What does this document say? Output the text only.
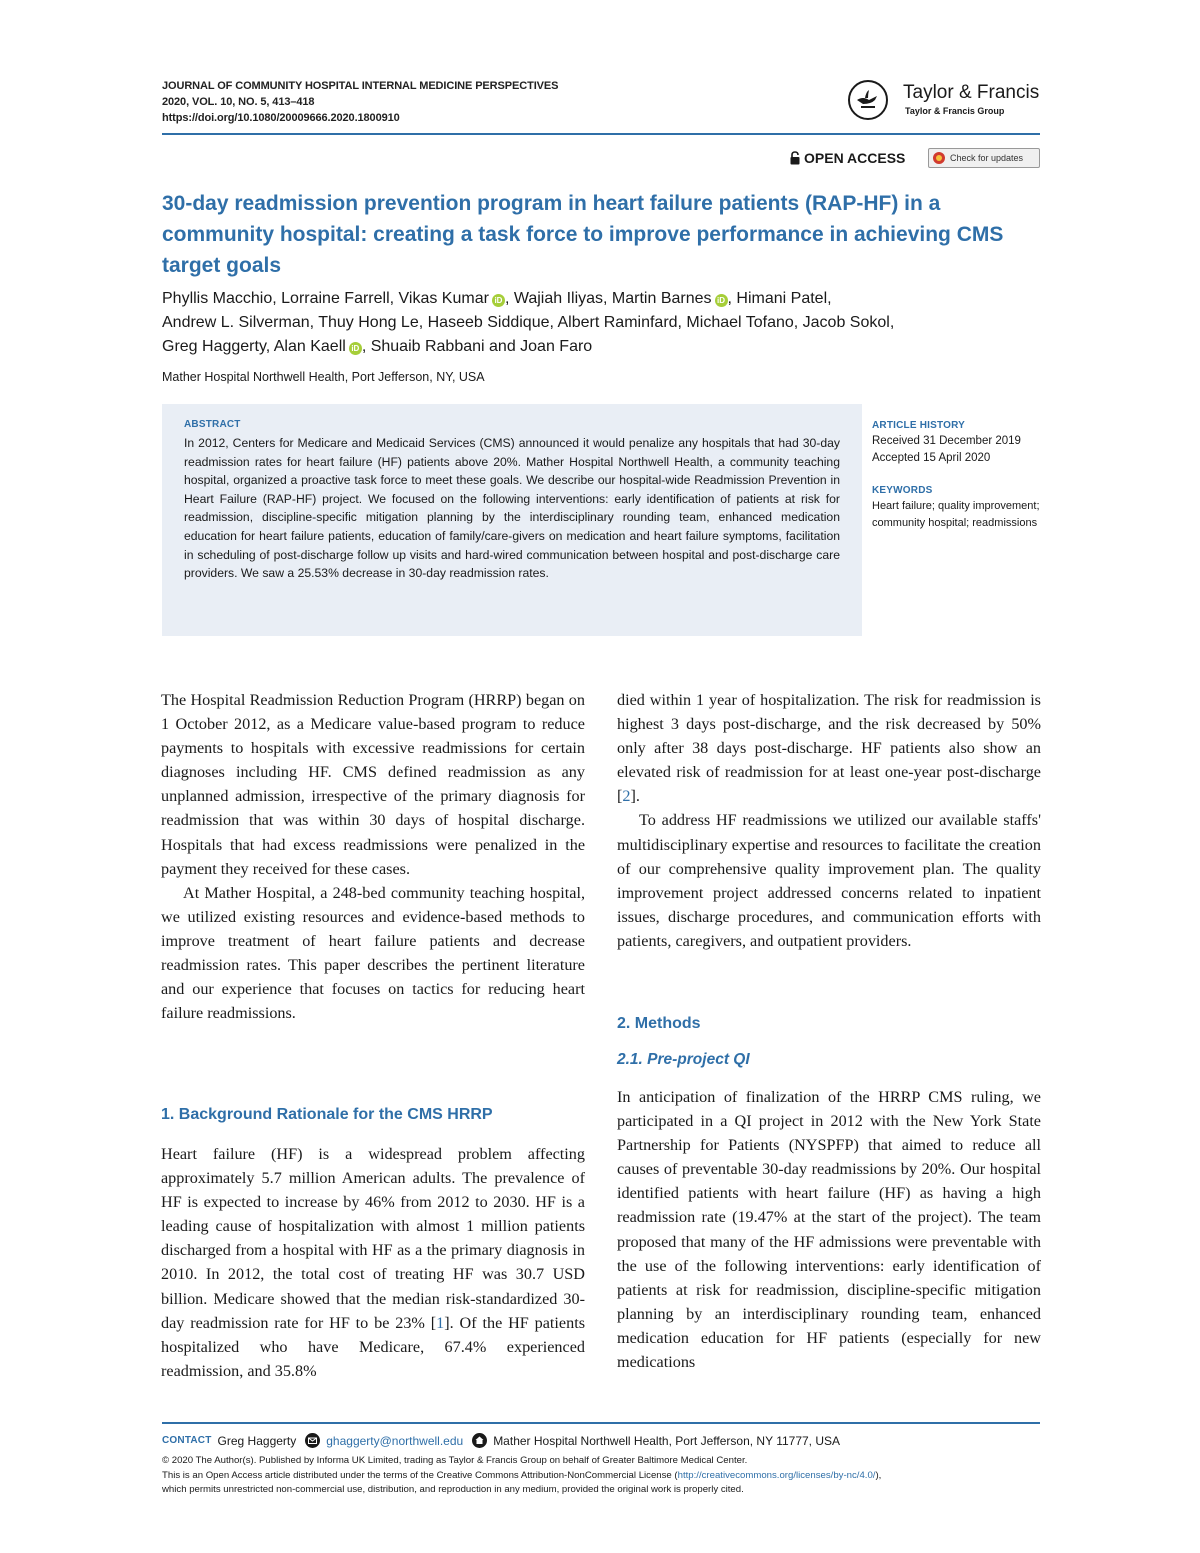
JOURNAL OF COMMUNITY HOSPITAL INTERNAL MEDICINE PERSPECTIVES
2020, VOL. 10, NO. 5, 413–418
https://doi.org/10.1080/20009666.2020.1800910
Taylor & Francis
Taylor & Francis Group
OPEN ACCESS	Check for updates
30-day readmission prevention program in heart failure patients (RAP-HF) in a community hospital: creating a task force to improve performance in achieving CMS target goals
Phyllis Macchio, Lorraine Farrell, Vikas Kumar iD , Wajiah Iliyas, Martin Barnes iD , Himani Patel,
Andrew L. Silverman, Thuy Hong Le, Haseeb Siddique, Albert Raminfard, Michael Tofano, Jacob Sokol,
Greg Haggerty, Alan Kaell iD , Shuaib Rabbani and Joan Faro
Mather Hospital Northwell Health, Port Jefferson, NY, USA
ABSTRACT
In 2012, Centers for Medicare and Medicaid Services (CMS) announced it would penalize any hospitals that had 30-day readmission rates for heart failure (HF) patients above 20%. Mather Hospital Northwell Health, a community teaching hospital, organized a proactive task force to meet these goals. We describe our hospital-wide Readmission Prevention in Heart Failure (RAP-HF) project. We focused on the following interventions: early identification of patients at risk for readmission, discipline-specific mitigation planning by the interdisciplinary rounding team, enhanced medication education for heart failure patients, education of family/care-givers on medication and heart failure symptoms, facilitation in scheduling of post-discharge follow up visits and hard-wired communication between hospital and post-discharge care providers. We saw a 25.53% decrease in 30-day readmission rates.
ARTICLE HISTORY
Received 31 December 2019
Accepted 15 April 2020
KEYWORDS
Heart failure; quality improvement; community hospital; readmissions

The Hospital Readmission Reduction Program (HRRP) began on 1 October 2012, as a Medicare value-based program to reduce payments to hospitals with excessive readmissions for certain diagnoses including HF. CMS defined readmission as any unplanned admission, irrespective of the primary diagnosis for readmission that was within 30 days of hospital discharge. Hospitals that had excess readmissions were penalized in the payment they received for these cases.

At Mather Hospital, a 248-bed community teaching hospital, we utilized existing resources and evidence-based methods to improve treatment of heart failure patients and decrease readmission rates. This paper describes the pertinent literature and our experience that focuses on tactics for reducing heart failure readmissions.

1. Background Rationale for the CMS HRRP

Heart failure (HF) is a widespread problem affecting approximately 5.7 million American adults. The prevalence of HF is expected to increase by 46% from 2012 to 2030. HF is a leading cause of hospitalization with almost 1 million patients discharged from a hospital with HF as a the primary diagnosis in 2010. In 2012, the total cost of treating HF was 30.7 USD billion. Medicare showed that the median risk-standardized 30-day readmission rate for HF to be 23% [1]. Of the HF patients hospitalized who have Medicare, 67.4% experienced readmission, and 35.8%

died within 1 year of hospitalization. The risk for readmission is highest 3 days post-discharge, and the risk decreased by 50% only after 38 days post-discharge. HF patients also show an elevated risk of readmission for at least one-year post-discharge [2].

To address HF readmissions we utilized our available staffs' multidisciplinary expertise and resources to facilitate the creation of our comprehensive quality improvement plan. The quality improvement project addressed concerns related to inpatient issues, discharge procedures, and communication efforts with patients, caregivers, and outpatient providers.

2. Methods
2.1. Pre-project QI

In anticipation of finalization of the HRRP CMS ruling, we participated in a QI project in 2012 with the New York State Partnership for Patients (NYSPFP) that aimed to reduce all causes of preventable 30-day readmissions by 20%. Our hospital identified patients with heart failure (HF) as having a high readmission rate (19.47% at the start of the project). The team proposed that many of the HF admissions were preventable with the use of the following interventions: early identification of patients at risk for readmission, discipline-specific mitigation planning by an interdisciplinary rounding team, enhanced medication education for HF patients (especially for new medications

CONTACT Greg Haggerty	ghaggerty@northwell.edu	Mather Hospital Northwell Health, Port Jefferson, NY 11777, USA
© 2020 The Author(s). Published by Informa UK Limited, trading as Taylor & Francis Group on behalf of Greater Baltimore Medical Center.
This is an Open Access article distributed under the terms of the Creative Commons Attribution-NonCommercial License (http://creativecommons.org/licenses/by-nc/4.0/),
which permits unrestricted non-commercial use, distribution, and reproduction in any medium, provided the original work is properly cited.
